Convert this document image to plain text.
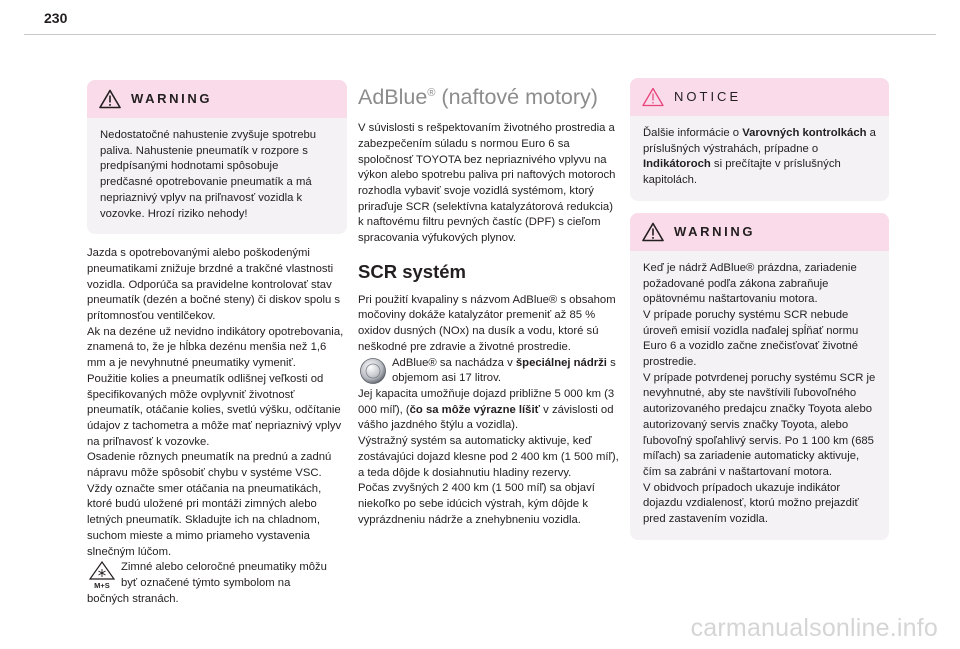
230
WARNING

Nedostatočné nahustenie zvyšuje spotrebu paliva. Nahustenie pneumatík v rozpore s predpísanými hodnotami spôsobuje predčasné opotrebovanie pneumatík a má nepriaznivý vplyv na priľnavosť vozidla k vozovke. Hrozí riziko nehody!

Jazda s opotrebovanými alebo poškodenými pneumatikami znižuje brzdné a trakčné vlastnosti vozidla. Odporúča sa pravidelne kontrolovať stav pneumatík (dezén a bočné steny) či diskov spolu s prítomnosťou ventilčekov.

Ak na dezéne už nevidno indikátory opotrebovania, znamená to, že je hĺbka dezénu menšia než 1,6 mm a je nevyhnutné pneumatiky vymeniť.

Použitie kolies a pneumatík odlišnej veľkosti od špecifikovaných môže ovplyvniť životnosť pneumatík, otáčanie kolies, svetlú výšku, odčítanie údajov z tachometra a môže mať nepriaznivý vplyv na priľnavosť k vozovke.

Osadenie rôznych pneumatík na prednú a zadnú nápravu môže spôsobiť chybu v systéme VSC.

Vždy označte smer otáčania na pneumatikách, ktoré budú uložené pri montáži zimných alebo letných pneumatík. Skladujte ich na chladnom, suchom mieste a mimo priameho vystavenia slnečným lúčom.

M+S

Zimné alebo celoročné pneumatiky môžu

byť označené týmto symbolom na

bočných stranách.

AdBlue® (naftové motory)

V súvislosti s rešpektovaním životného prostredia a zabezpečením súladu s normou Euro 6 sa spoločnosť TOYOTA bez nepriaznivého vplyvu na výkon alebo spotrebu paliva pri naftových motoroch rozhodla vybaviť svoje vozidlá systémom, ktorý priraďuje SCR (selektívna katalyzátorová redukcia) k naftovému filtru pevných častíc (DPF) s cieľom spracovania výfukových plynov.

SCR systém

Pri použití kvapaliny s názvom AdBlue® s obsahom močoviny dokáže katalyzátor premeniť až 85 % oxidov dusných (NOx) na dusík a vodu, ktoré sú neškodné pre zdravie a životné prostredie.

AdBlue® sa nachádza v špeciálnej nádrži s objemom asi 17 litrov.

Jej kapacita umožňuje dojazd približne 5 000 km (3 000 míľ), (čo sa môže výrazne líšiť v závislosti od vášho jazdného štýlu a vozidla).

Výstražný systém sa automaticky aktivuje, keď zostávajúci dojazd klesne pod 2 400 km (1 500 míľ), a teda dôjde k dosiahnutiu hladiny rezervy.

Počas zvyšných 2 400 km (1 500 míľ) sa objaví niekoľko po sebe idúcich výstrah, kým dôjde k vyprázdneniu nádrže a znehybneniu vozidla.

NOTICE

Ďalšie informácie o Varovných kontrolkách a príslušných výstrahách, prípadne o Indikátoroch si prečítajte v príslušných kapitolách.

WARNING

Keď je nádrž AdBlue® prázdna, zariadenie požadované podľa zákona zabraňuje opätovnému naštartovaniu motora.

V prípade poruchy systému SCR nebude úroveň emisií vozidla naďalej spĺňať normu Euro 6 a vozidlo začne znečisťovať životné prostredie.

V prípade potvrdenej poruchy systému SCR je nevyhnutné, aby ste navštívili ľubovoľného autorizovaného predajcu značky Toyota alebo autorizovaný servis značky Toyota, alebo ľubovoľný spoľahlivý servis. Po 1 100 km (685 míľach) sa zariadenie automaticky aktivuje, čím sa zabráni v naštartovaní motora.

V obidvoch prípadoch ukazuje indikátor dojazdu vzdialenosť, ktorú možno prejazdiť pred zastavením vozidla.

carmanualsonline.info
